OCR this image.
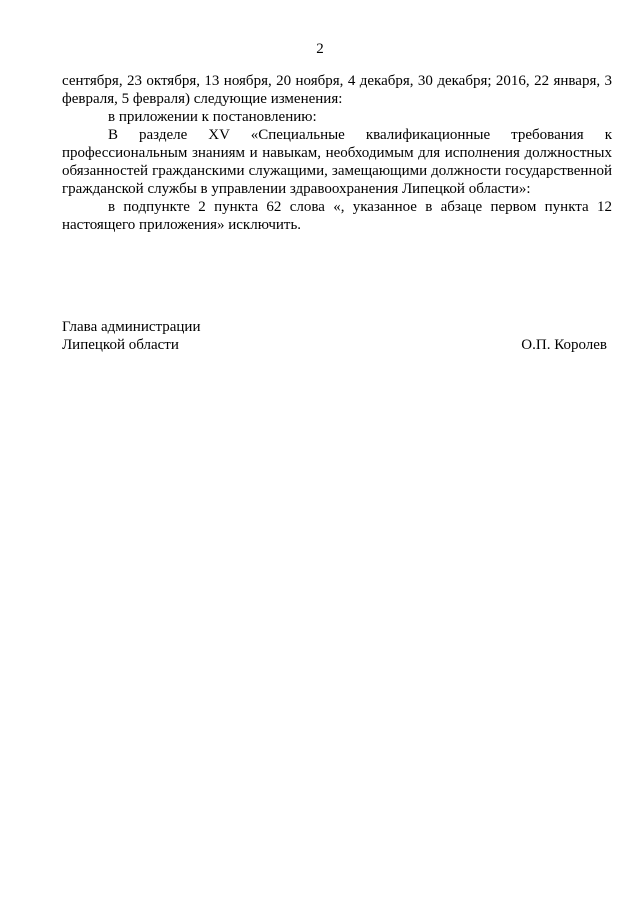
2

сентября, 23 октября, 13 ноября, 20 ноября, 4 декабря, 30 декабря; 2016, 22 января, 3 февраля, 5 февраля) следующие изменения:

в приложении к постановлению:

В разделе XV «Специальные квалификационные требования к профессиональным знаниям и навыкам, необходимым для исполнения должностных обязанностей гражданскими служащими, замещающими должности государственной гражданской службы в управлении здравоохранения Липецкой области»:

в подпункте 2 пункта 62 слова «, указанное в абзаце первом пункта 12 настоящего приложения» исключить.

Глава администрации

Липецкой области	О.П. Королев
